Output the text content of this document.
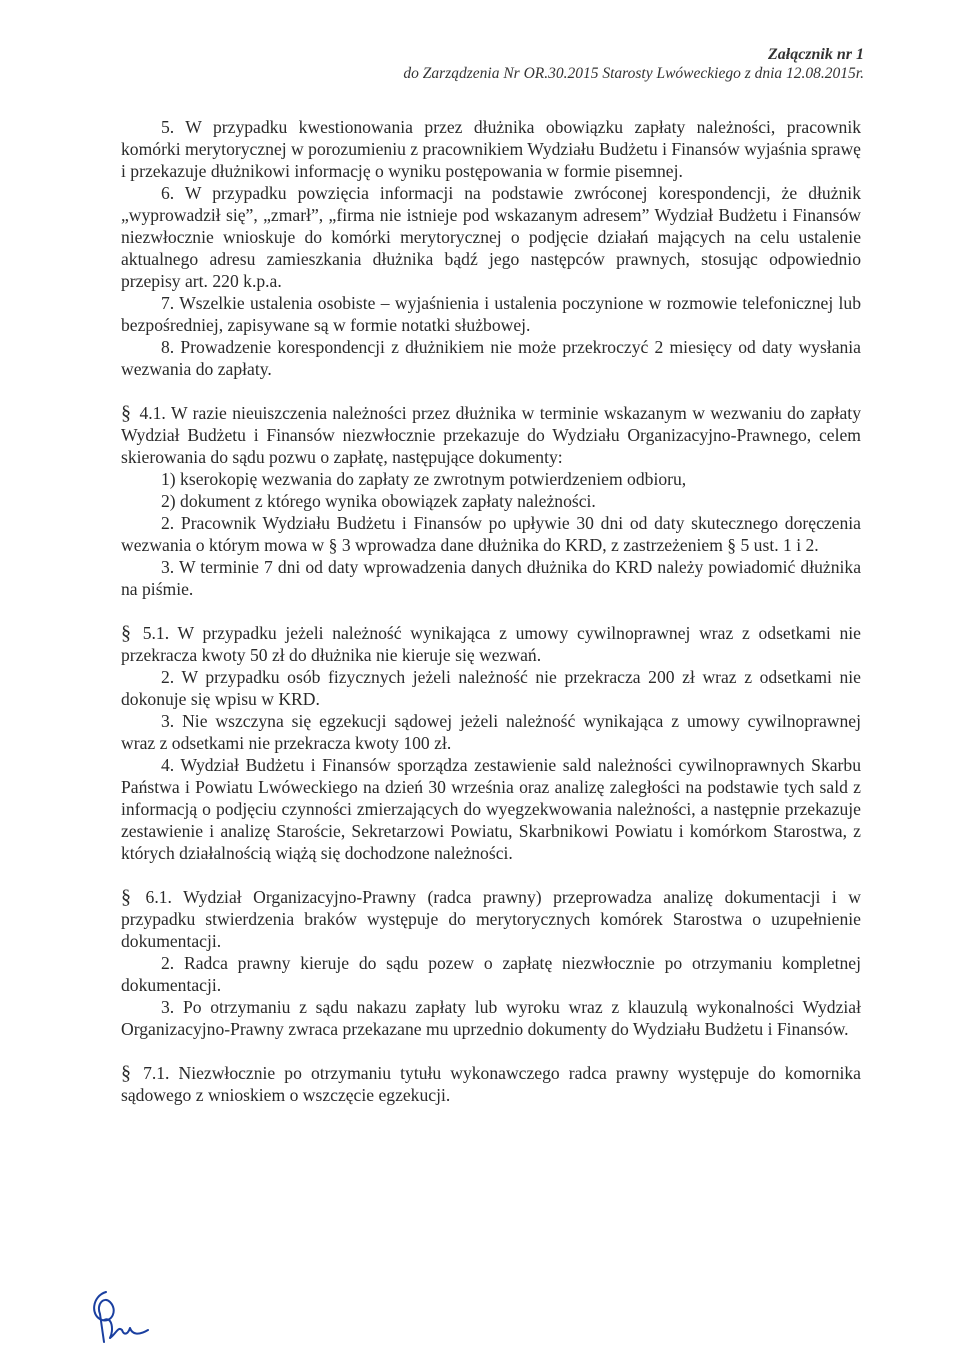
Załącznik nr 1
do Zarządzenia Nr OR.30.2015 Starosty Lwóweckiego z dnia 12.08.2015r.

5. W przypadku kwestionowania przez dłużnika obowiązku zapłaty należności, pracownik komórki merytorycznej w porozumieniu z pracownikiem Wydziału Budżetu i Finansów wyjaśnia sprawę i przekazuje dłużnikowi informację o wyniku postępowania w formie pisemnej.

6. W przypadku powzięcia informacji na podstawie zwróconej korespondencji, że dłużnik „wyprowadził się”, „zmarł”, „firma nie istnieje pod wskazanym adresem” Wydział Budżetu i Finansów niezwłocznie wnioskuje do komórki merytorycznej o podjęcie działań mających na celu ustalenie aktualnego adresu zamieszkania dłużnika bądź jego następców prawnych, stosując odpowiednio przepisy art. 220 k.p.a.

7. Wszelkie ustalenia osobiste – wyjaśnienia i ustalenia poczynione w rozmowie telefonicznej lub bezpośredniej, zapisywane są w formie notatki służbowej.

8. Prowadzenie korespondencji z dłużnikiem nie może przekroczyć 2 miesięcy od daty wysłania wezwania do zapłaty.

§ 4.1. W razie nieuiszczenia należności przez dłużnika w terminie wskazanym w wezwaniu do zapłaty Wydział Budżetu i Finansów niezwłocznie przekazuje do Wydziału Organizacyjno-Prawnego, celem skierowania do sądu pozwu o zapłatę, następujące dokumenty:

1) kserokopię wezwania do zapłaty ze zwrotnym potwierdzeniem odbioru,

2) dokument z którego wynika obowiązek zapłaty należności.

2. Pracownik Wydziału Budżetu i Finansów po upływie 30 dni od daty skutecznego doręczenia wezwania o którym mowa w § 3 wprowadza dane dłużnika do KRD, z zastrzeżeniem § 5 ust. 1 i 2.

3. W terminie 7 dni od daty wprowadzenia danych dłużnika do KRD należy powiadomić dłużnika na piśmie.

§ 5.1. W przypadku jeżeli należność wynikająca z umowy cywilnoprawnej wraz z odsetkami nie przekracza kwoty 50 zł do dłużnika nie kieruje się wezwań.

2. W przypadku osób fizycznych jeżeli należność nie przekracza 200 zł wraz z odsetkami nie dokonuje się wpisu w KRD.

3. Nie wszczyna się egzekucji sądowej jeżeli należność wynikająca z umowy cywilnoprawnej wraz z odsetkami nie przekracza kwoty 100 zł.

4. Wydział Budżetu i Finansów sporządza zestawienie sald należności cywilnoprawnych Skarbu Państwa i Powiatu Lwóweckiego na dzień 30 września oraz analizę zaległości na podstawie tych sald z informacją o podjęciu czynności zmierzających do wyegzekwowania należności, a następnie przekazuje zestawienie i analizę Staroście, Sekretarzowi Powiatu, Skarbnikowi Powiatu i komórkom Starostwa, z których działalnością wiążą się dochodzone należności.

§ 6.1. Wydział Organizacyjno-Prawny (radca prawny) przeprowadza analizę dokumentacji i w przypadku stwierdzenia braków występuje do merytorycznych komórek Starostwa o uzupełnienie dokumentacji.

2. Radca prawny kieruje do sądu pozew o zapłatę niezwłocznie po otrzymaniu kompletnej dokumentacji.

3. Po otrzymaniu z sądu nakazu zapłaty lub wyroku wraz z klauzulą wykonalności Wydział Organizacyjno-Prawny zwraca przekazane mu uprzednio dokumenty do Wydziału Budżetu i Finansów.

§ 7.1. Niezwłocznie po otrzymaniu tytułu wykonawczego radca prawny występuje do komornika sądowego z wnioskiem o wszczęcie egzekucji.
